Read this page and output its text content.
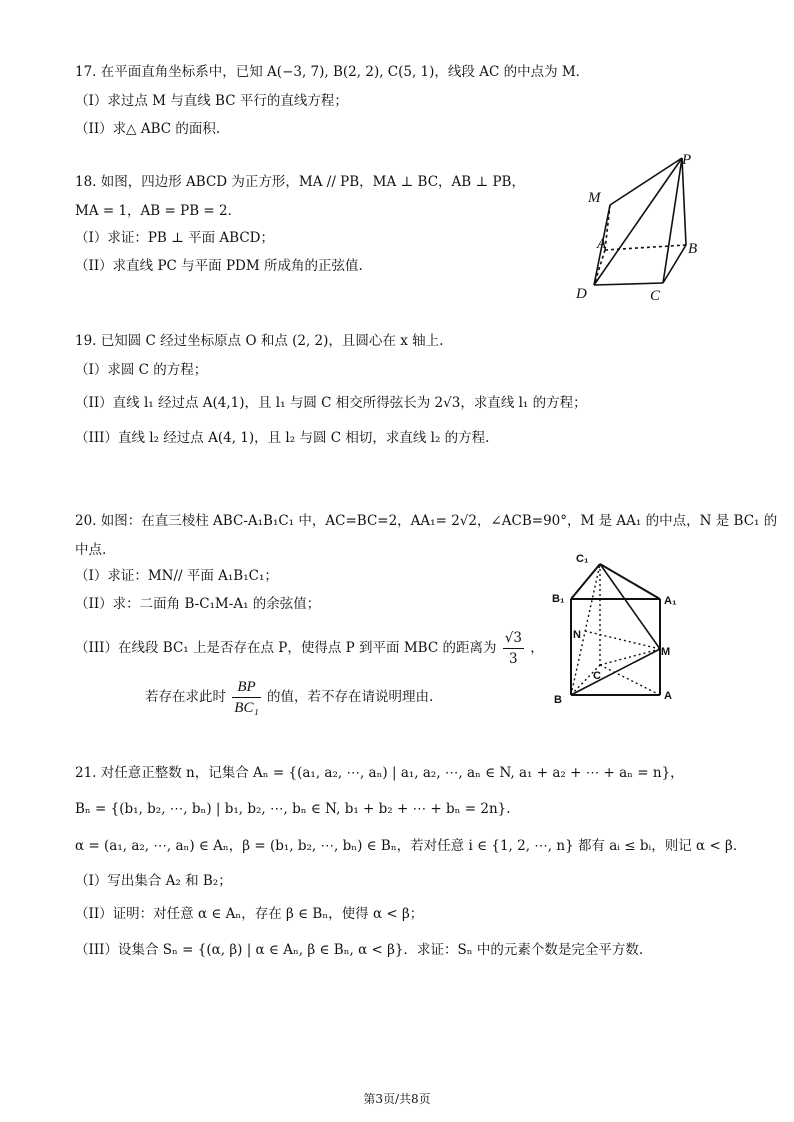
17. 在平面直角坐标系中，已知 A(−3, 7), B(2, 2), C(5, 1)，线段 AC 的中点为 M．
（I）求过点 M 与直线 BC 平行的直线方程；
（II）求△ ABC 的面积.
18. 如图，四边形 ABCD 为正方形，MA // PB，MA ⊥ BC，AB ⊥ PB，
MA = 1，AB = PB = 2．
（I）求证：PB ⊥ 平面 ABCD；
（II）求直线 PC 与平面 PDM 所成角的正弦值.
P
M
A	B
D	C
19. 已知圆 C 经过坐标原点 O 和点 (2, 2)，且圆心在 x 轴上.
（I）求圆 C 的方程；
（II）直线 l₁ 经过点 A(4,1)，且 l₁ 与圆 C 相交所得弦长为 2√3，求直线 l₁ 的方程；
（III）直线 l₂ 经过点 A(4, 1)，且 l₂ 与圆 C 相切，求直线 l₂ 的方程.
20. 如图：在直三棱柱 ABC-A₁B₁C₁ 中，AC=BC=2，AA₁= 2√2，∠ACB=90°，M 是 AA₁ 的中点，N 是 BC₁ 的
中点.
（I）求证：MN// 平面 A₁B₁C₁；
（II）求：二面角 B-C₁M-A₁ 的余弦值；
（III）在线段 BC₁ 上是否存在点 P，使得点 P 到平面 MBC 的距离为 $\frac{√3}{3}$ ，
若存在求此时 $\frac{BP}{\text{BC₁}}$ 的值，若不存在请说明理由.
C₁
B₁	A₁
N
M
C
B	A
21. 对任意正整数 n，记集合 Aₙ = {(a₁, a₂, ⋯, aₙ) | a₁, a₂, ⋯, aₙ ∈ N, a₁ + a₂ + ⋯ + aₙ = n}，
Bₙ = {(b₁, b₂, ⋯, bₙ) | b₁, b₂, ⋯, bₙ ∈ N, b₁ + b₂ + ⋯ + bₙ = 2n}.
α = (a₁, a₂, ⋯, aₙ) ∈ Aₙ，β = (b₁, b₂, ⋯, bₙ) ∈ Bₙ，若对任意 i ∈ {1, 2, ⋯, n} 都有 aᵢ ≤ bᵢ，则记 α < β．
（I）写出集合 A₂ 和 B₂；
（II）证明：对任意 α ∈ Aₙ，存在 β ∈ Bₙ，使得 α < β；
（III）设集合 Sₙ = {(α, β) | α ∈ Aₙ, β ∈ Bₙ, α < β}．求证：Sₙ 中的元素个数是完全平方数.
第3页/共8页
